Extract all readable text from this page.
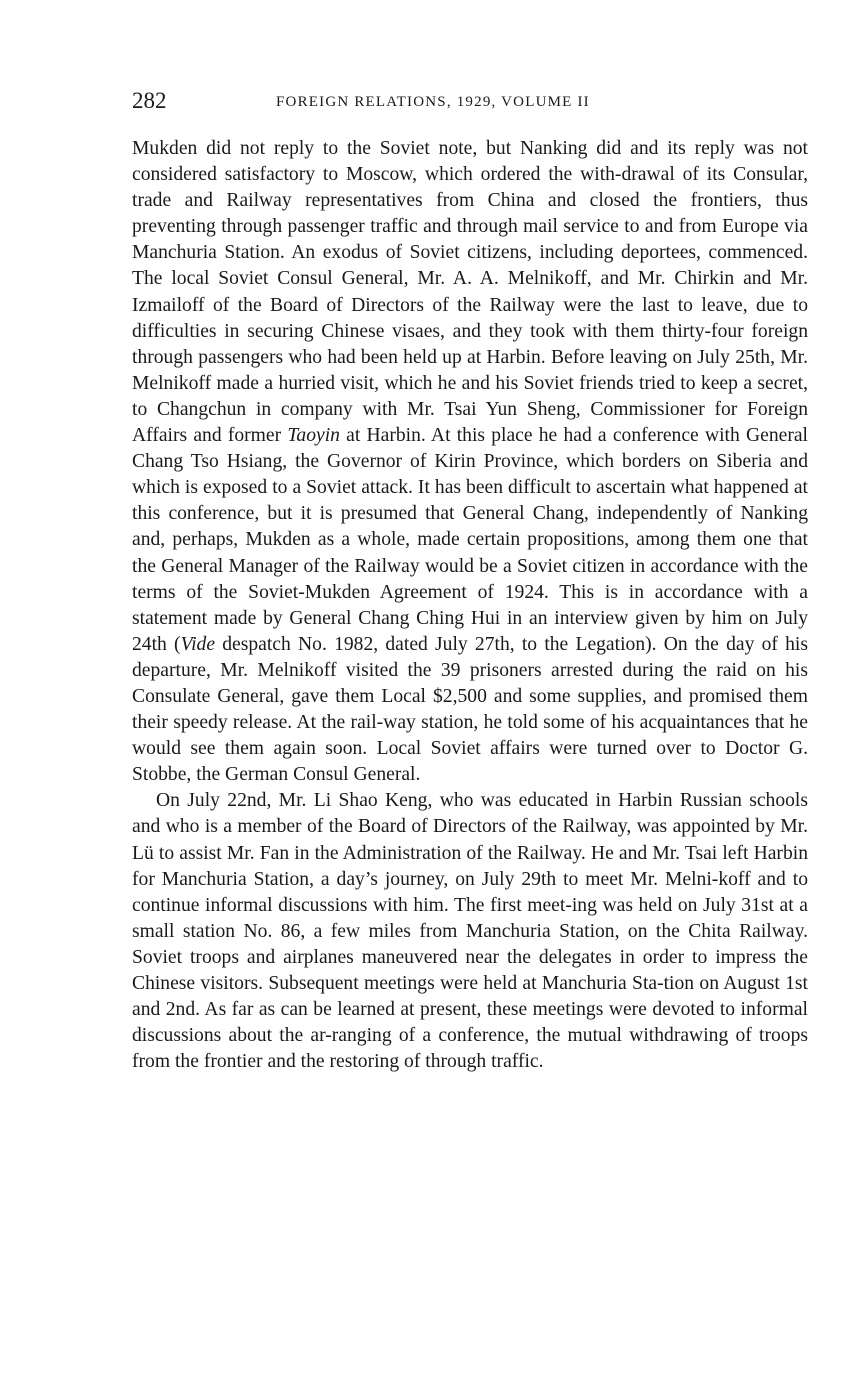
282	FOREIGN RELATIONS, 1929, VOLUME II

Mukden did not reply to the Soviet note, but Nanking did and its reply was not considered satisfactory to Moscow, which ordered the with-drawal of its Consular, trade and Railway representatives from China and closed the frontiers, thus preventing through passenger traffic and through mail service to and from Europe via Manchuria Station. An exodus of Soviet citizens, including deportees, commenced. The local Soviet Consul General, Mr. A. A. Melnikoff, and Mr. Chirkin and Mr. Izmailoff of the Board of Directors of the Railway were the last to leave, due to difficulties in securing Chinese visaes, and they took with them thirty-four foreign through passengers who had been held up at Harbin. Before leaving on July 25th, Mr. Melnikoff made a hurried visit, which he and his Soviet friends tried to keep a secret, to Changchun in company with Mr. Tsai Yun Sheng, Commissioner for Foreign Affairs and former Taoyin at Harbin. At this place he had a conference with General Chang Tso Hsiang, the Governor of Kirin Province, which borders on Siberia and which is exposed to a Soviet attack. It has been difficult to ascertain what happened at this conference, but it is presumed that General Chang, independently of Nanking and, perhaps, Mukden as a whole, made certain propositions, among them one that the General Manager of the Railway would be a Soviet citizen in accordance with the terms of the Soviet-Mukden Agreement of 1924. This is in accordance with a statement made by General Chang Ching Hui in an interview given by him on July 24th (Vide despatch No. 1982, dated July 27th, to the Legation). On the day of his departure, Mr. Melnikoff visited the 39 prisoners arrested during the raid on his Consulate General, gave them Local $2,500 and some supplies, and promised them their speedy release. At the rail-way station, he told some of his acquaintances that he would see them again soon. Local Soviet affairs were turned over to Doctor G. Stobbe, the German Consul General.

On July 22nd, Mr. Li Shao Keng, who was educated in Harbin Russian schools and who is a member of the Board of Directors of the Railway, was appointed by Mr. Lü to assist Mr. Fan in the Administration of the Railway. He and Mr. Tsai left Harbin for Manchuria Station, a day’s journey, on July 29th to meet Mr. Melni-koff and to continue informal discussions with him. The first meet-ing was held on July 31st at a small station No. 86, a few miles from Manchuria Station, on the Chita Railway. Soviet troops and airplanes maneuvered near the delegates in order to impress the Chinese visitors. Subsequent meetings were held at Manchuria Sta-tion on August 1st and 2nd. As far as can be learned at present, these meetings were devoted to informal discussions about the ar-ranging of a conference, the mutual withdrawing of troops from the frontier and the restoring of through traffic.
